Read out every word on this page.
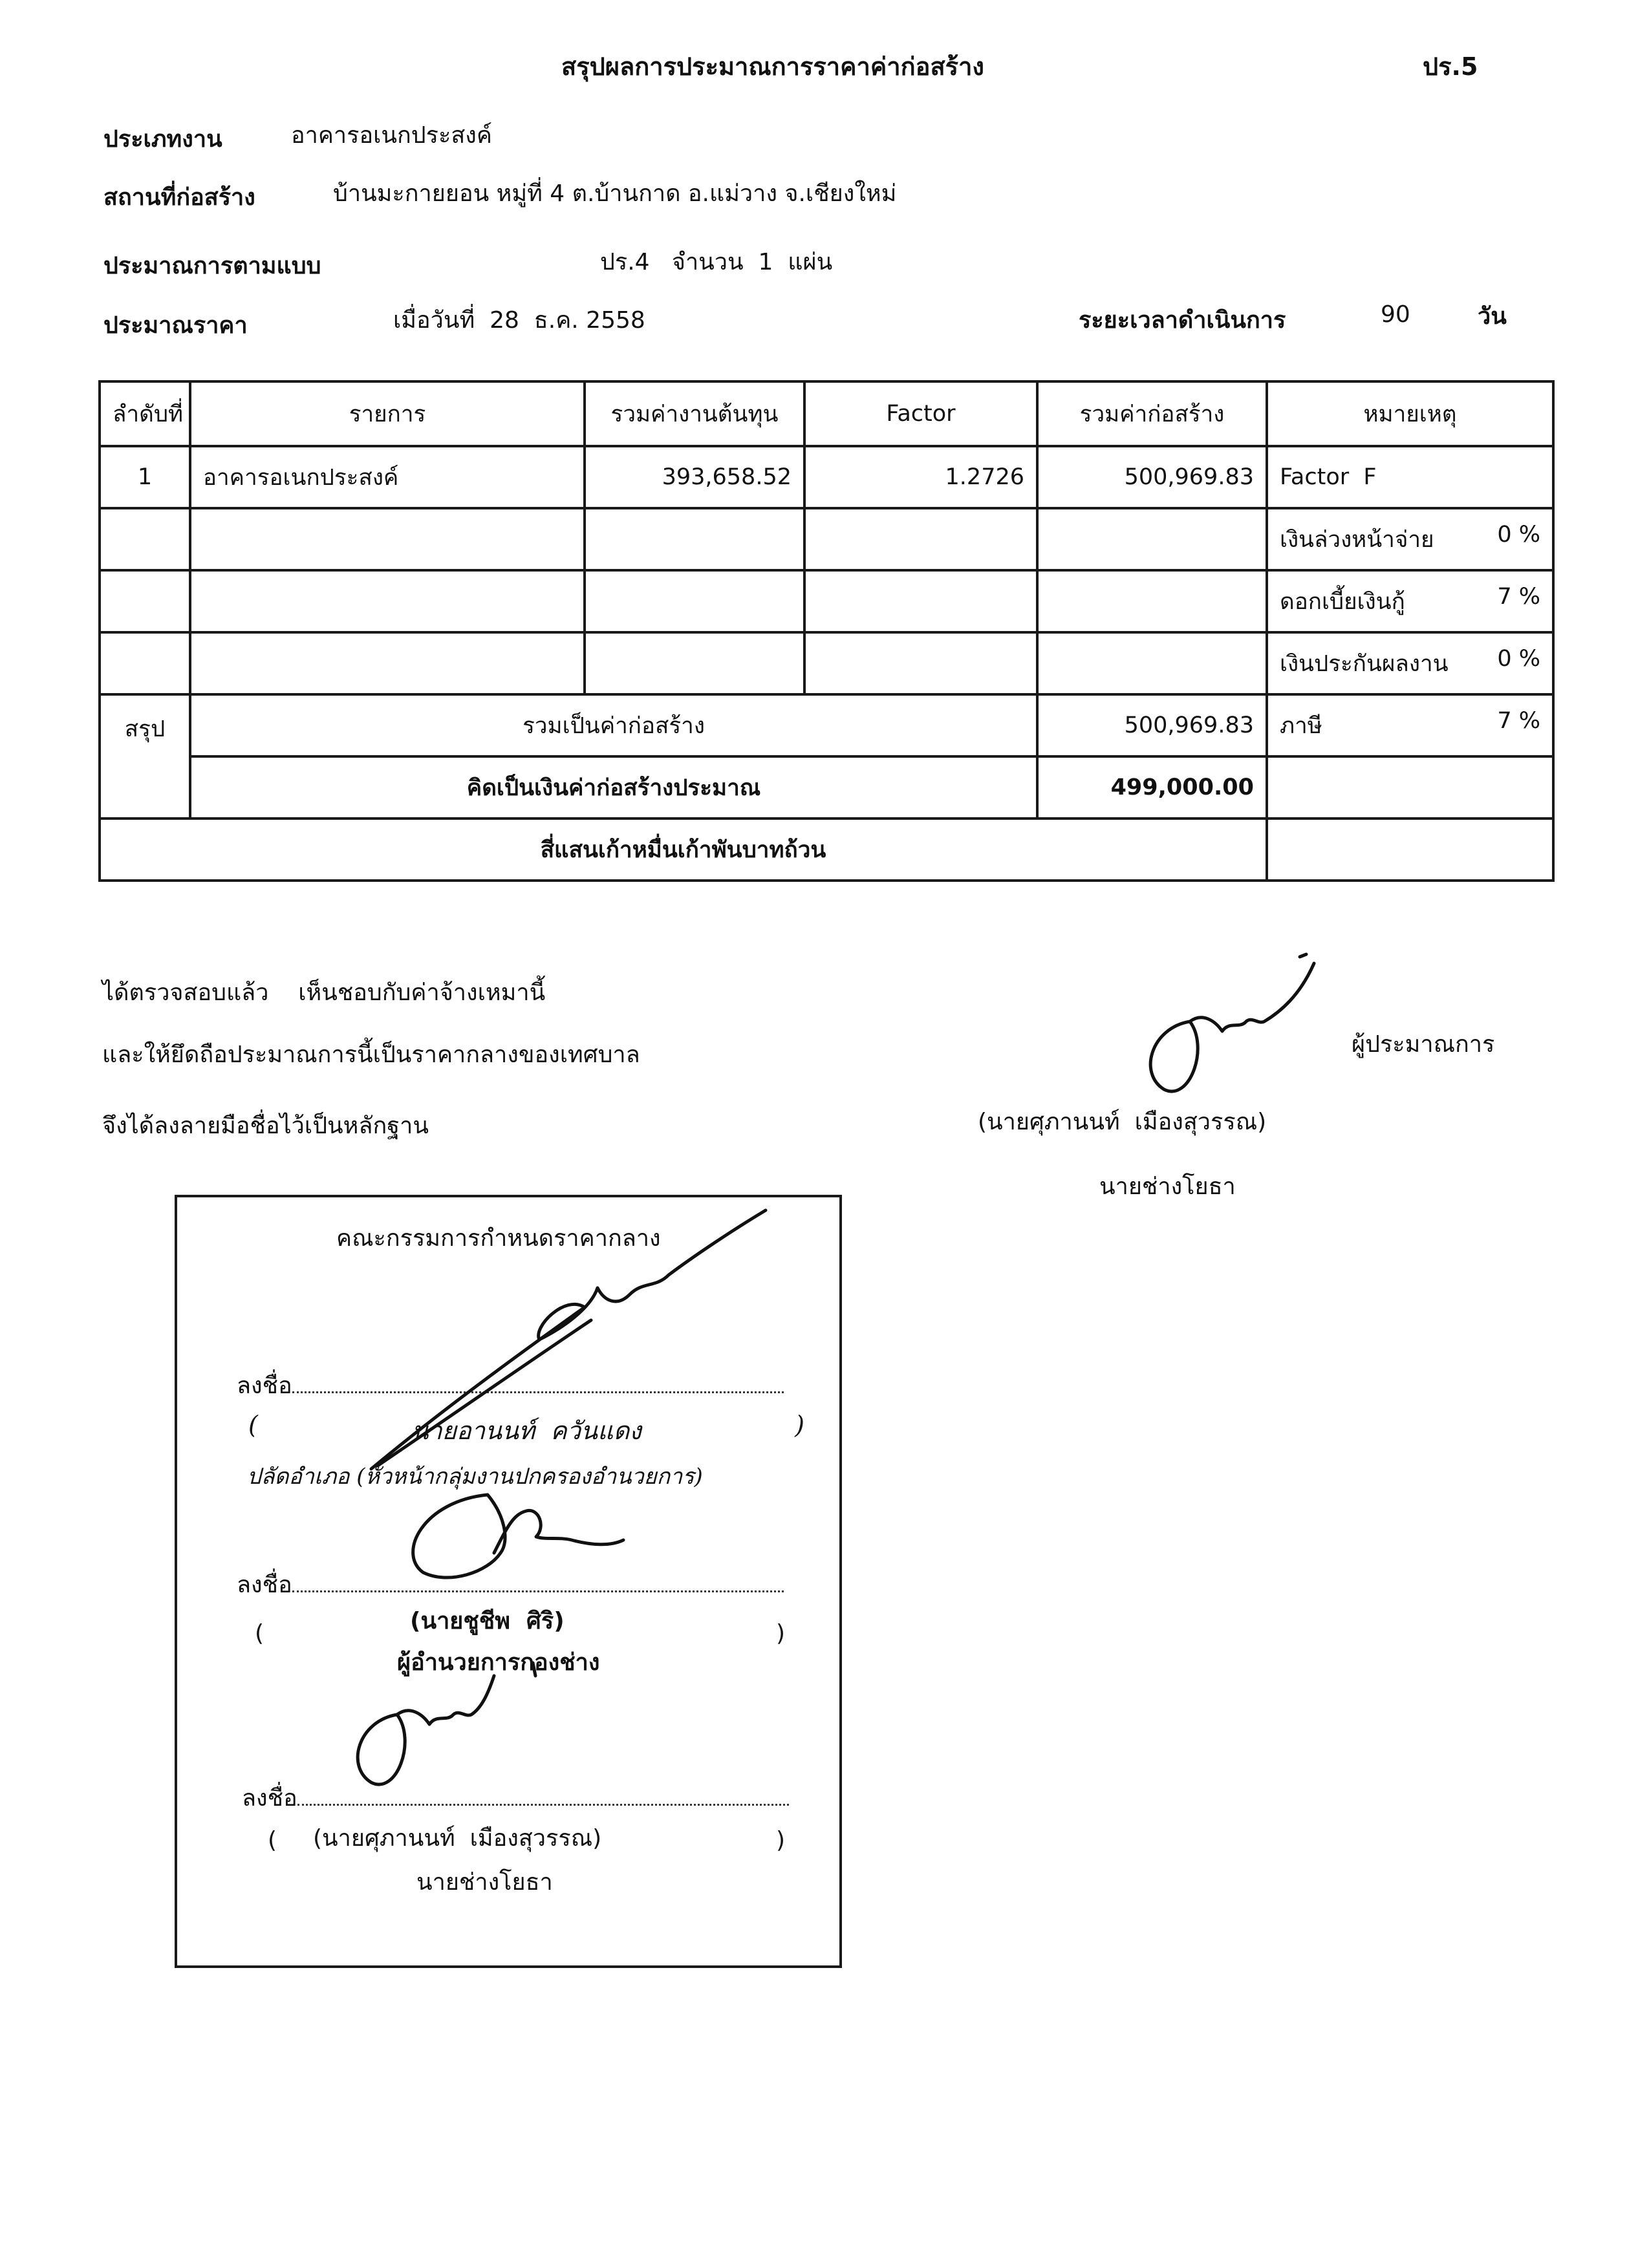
สรุปผลการประมาณการราคาค่าก่อสร้าง	ปร.5
ประเภทงาน	อาคารอเนกประสงค์
สถานที่ก่อสร้าง	บ้านมะกายยอน หมู่ที่ 4 ต.บ้านกาด อ.แม่วาง จ.เชียงใหม่
ประมาณการตามแบบ	ปร.4   จำนวน  1  แผ่น
ประมาณราคา	เมื่อวันที่  28  ธ.ค. 2558	ระยะเวลาดำเนินการ	90	วัน
ลำดับที่	รายการ	รวมค่างานต้นทุน	Factor	รวมค่าก่อสร้าง	หมายเหตุ
1	อาคารอเนกประสงค์	393,658.52	1.2726	500,969.83	Factor  F

					เงินล่วงหน้าจ่าย 0 %

					ดอกเบี้ยเงินกู้ 7 %

					เงินประกันผลงาน 0 %

สรุป	รวมเป็นค่าก่อสร้าง			500,969.83	ภาษี 7 %

	คิดเป็นเงินค่าก่อสร้างประมาณ			499,000.00	
สี่แสนเก้าหมื่นเก้าพันบาทถ้วน					
ได้ตรวจสอบแล้ว    เห็นชอบกับค่าจ้างเหมานี้
และให้ยึดถือประมาณการนี้เป็นราคากลางของเทศบาล
จึงได้ลงลายมือชื่อไว้เป็นหลักฐาน
ผู้ประมาณการ
(นายศุภานนท์  เมืองสุวรรณ)
นายช่างโยธา
คณะกรรมการกำหนดราคากลาง
ลงชื่อ
(	นายอานนท์  ควันแดง	)
ปลัดอำเภอ (หัวหน้ากลุ่มงานปกครองอำนวยการ)
ลงชื่อ
(	)
(นายชูชีพ  ศิริ)
ผู้อำนวยการกองช่าง
ลงชื่อ
(	)
(นายศุภานนท์  เมืองสุวรรณ)
นายช่างโยธา
